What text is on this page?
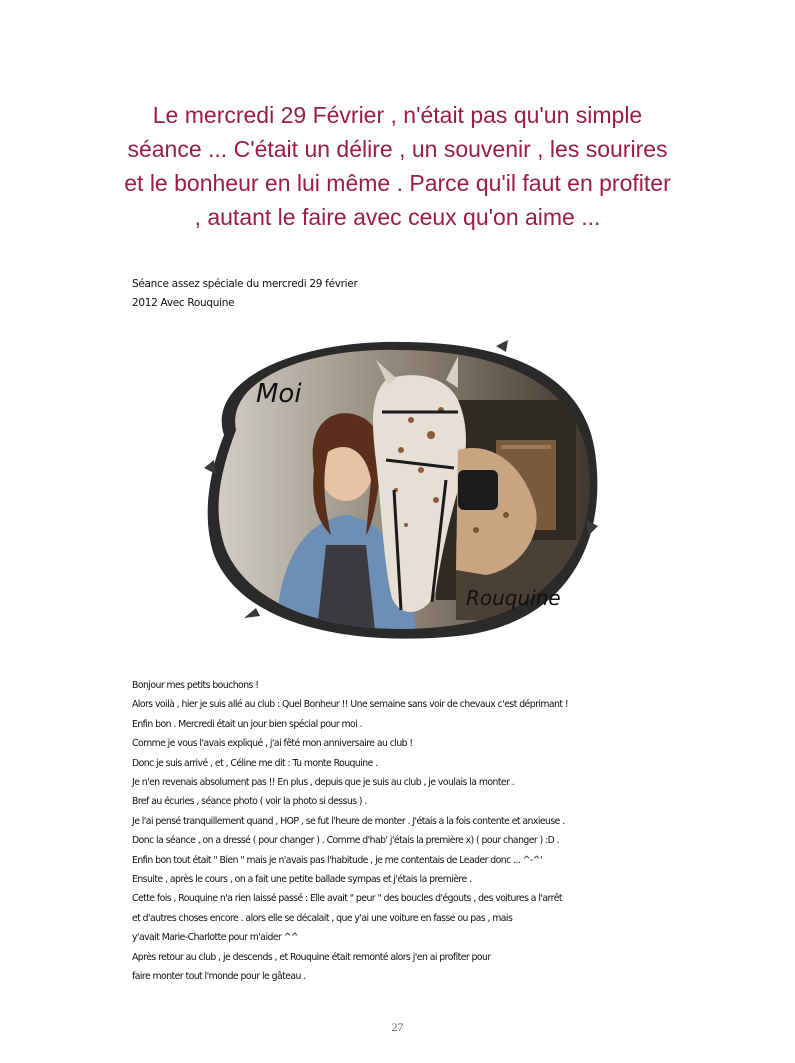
Le mercredi 29 Février , n'était pas qu'un simple séance ... C'était un délire , un souvenir , les sourires et le bonheur en lui même . Parce qu'il faut en profiter , autant le faire avec ceux qu'on aime ...
Séance assez spéciale du mercredi 29 février
2012 Avec Rouquine
Moi
Rouquine
Bonjour mes petits bouchons !
Alors voilà , hier je suis allé au club : Quel Bonheur !! Une semaine sans voir de chevaux c'est déprimant !
Enfin bon . Mercredi était un jour bien spécial pour moi .
Comme je vous l'avais expliqué , j'ai fêté mon anniversaire au club !
Donc je suis arrivé , et , Céline me dit : Tu monte Rouquine .
Je n'en revenais absolument pas !! En plus , depuis que je suis au club , je voulais la monter .
Bref au écuries , séance photo ( voir la photo si dessus ) .
Je l'ai pensé tranquillement quand , HOP , se fut l'heure de monter . J'étais a la fois contente et anxieuse .
Donc la séance , on a dressé ( pour changer ) . Comme d'hab' j'étais la première x) ( pour changer ) :D .
Enfin bon tout était " Bien " mais je n'avais pas l'habitude , je me contentais de Leader donc ... ^-^'
Ensuite , après le cours , on a fait une petite ballade sympas et j'étais la première .
Cette fois , Rouquine n'a rien laissé passé : Elle avait " peur " des boucles d'égouts , des voitures a l'arrêt
et d'autres choses encore . alors elle se décalait , que y'ai une voiture en fasse ou pas , mais
y'avait Marie-Charlotte pour m'aider ^^
Après retour au club , je descends , et Rouquine était remonté alors j'en ai profiter pour
faire monter tout l'monde pour le gâteau .
27
